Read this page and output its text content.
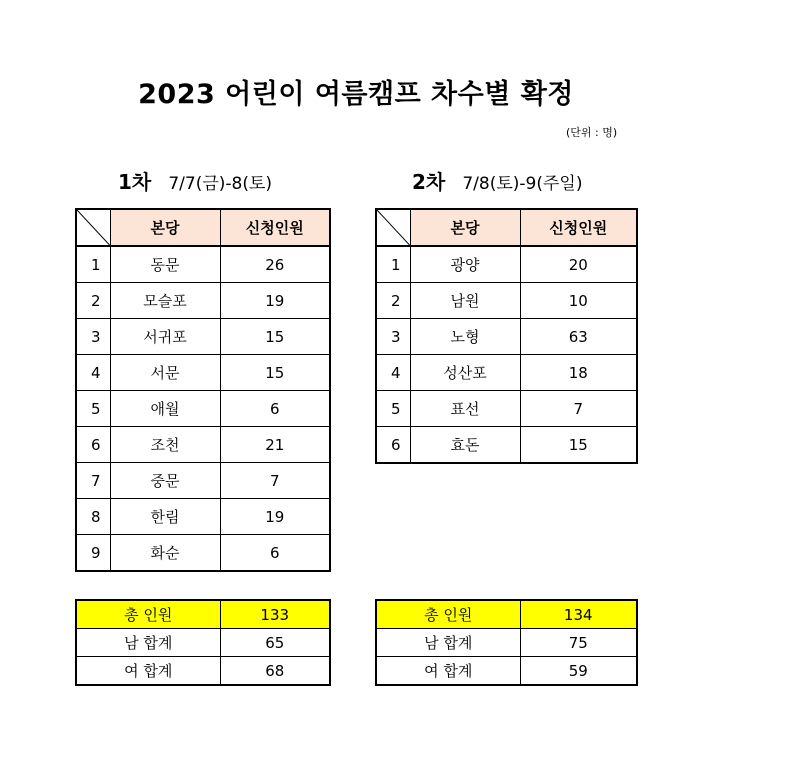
2023 어린이 여름캠프 차수별 확정
(단위 : 명)
1차 7/7(금)-8(토)	2차 7/8(토)-9(주일)
	본당	신청인원
1	동문	26
2	모슬포	19
3	서귀포	15
4	서문	15
5	애월	6
6	조천	21
7	중문	7
8	한림	19
9	화순	6
	본당	신청인원
1	광양	20
2	남원	10
3	노형	63
4	성산포	18
5	표선	7
6	효돈	15
총 인원	133
남 합계	65
여 합계	68
총 인원	134
남 합계	75
여 합계	59
